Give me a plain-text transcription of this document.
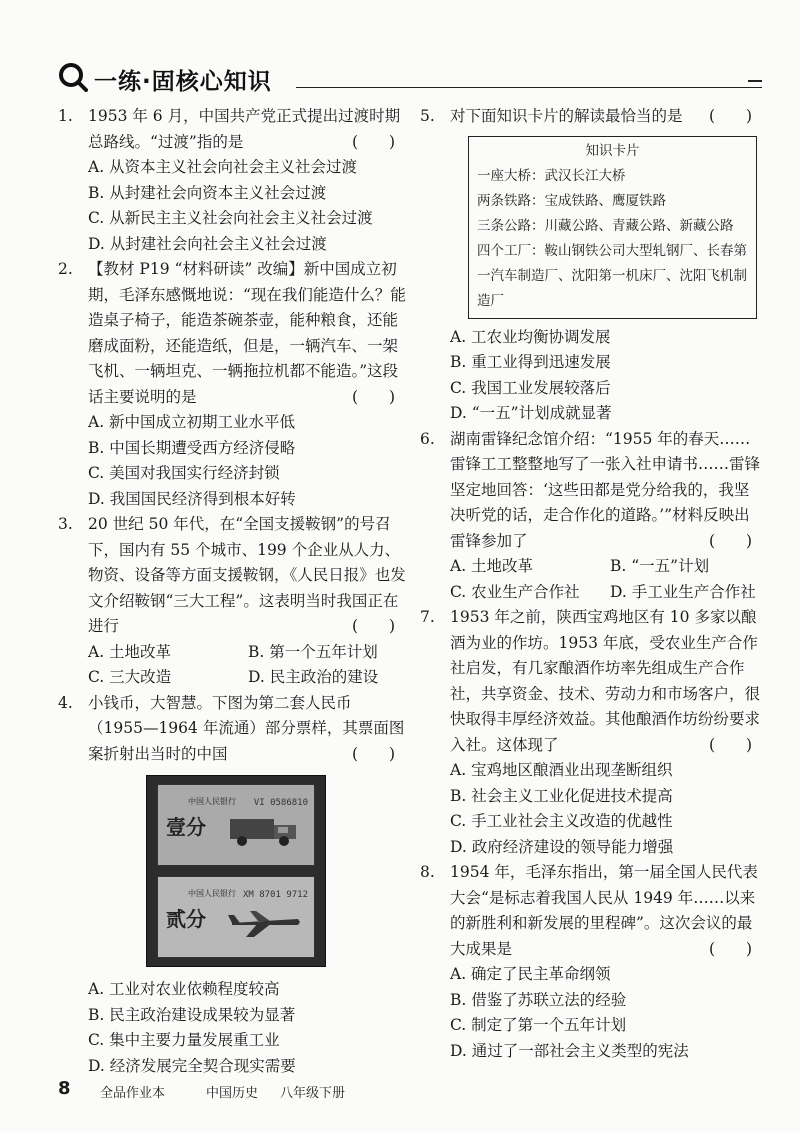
一练·固核心知识
1. 1953 年 6 月，中国共产党正式提出过渡时期总路线。“过渡”指的是	(　　)
A. 从资本主义社会向社会主义社会过渡
B. 从封建社会向资本主义社会过渡
C. 从新民主主义社会向社会主义社会过渡
D. 从封建社会向社会主义社会过渡
2. 【教材 P19 “材料研读” 改编】新中国成立初期，毛泽东感慨地说：“现在我们能造什么？能造桌子椅子，能造茶碗茶壶，能种粮食，还能磨成面粉，还能造纸，但是，一辆汽车、一架飞机、一辆坦克、一辆拖拉机都不能造。”这段话主要说明的是	(　　)
A. 新中国成立初期工业水平低
B. 中国长期遭受西方经济侵略
C. 美国对我国实行经济封锁
D. 我国国民经济得到根本好转
3. 20 世纪 50 年代，在“全国支援鞍钢”的号召下，国内有 55 个城市、199 个企业从人力、物资、设备等方面支援鞍钢，《人民日报》也发文介绍鞍钢“三大工程”。这表明当时我国正在进行	(　　)
A. 土地改革	B. 第一个五年计划
C. 三大改造	D. 民主政治的建设
4. 小钱币，大智慧。下图为第二套人民币（1955—1964 年流通）部分票样，其票面图案折射出当时的中国	(　　)
中国人民银行 VI 0586810
壹分
中国人民银行 XM 8701 9712
贰分
A. 工业对农业依赖程度较高
B. 民主政治建设成果较为显著
C. 集中主要力量发展重工业
D. 经济发展完全契合现实需要
5. 对下面知识卡片的解读最恰当的是 (　　)
知识卡片
一座大桥：武汉长江大桥
两条铁路：宝成铁路、鹰厦铁路
三条公路：川藏公路、青藏公路、新藏公路
四个工厂：鞍山钢铁公司大型轧钢厂、长春第一汽车制造厂、沈阳第一机床厂、沈阳飞机制造厂
A. 工农业均衡协调发展
B. 重工业得到迅速发展
C. 我国工业发展较落后
D. “一五”计划成就显著
6. 湖南雷锋纪念馆介绍：“1955 年的春天……雷锋工工整整地写了一张入社申请书……雷锋坚定地回答：‘这些田都是党分给我的，我坚决听党的话，走合作化的道路。’”材料反映出雷锋参加了	(　　)
A. 土地改革	B. “一五”计划
C. 农业生产合作社	D. 手工业生产合作社
7. 1953 年之前，陕西宝鸡地区有 10 多家以酿酒为业的作坊。1953 年底，受农业生产合作社启发，有几家酿酒作坊率先组成生产合作社，共享资金、技术、劳动力和市场客户，很快取得丰厚经济效益。其他酿酒作坊纷纷要求入社。这体现了	(　　)
A. 宝鸡地区酿酒业出现垄断组织
B. 社会主义工业化促进技术提高
C. 手工业社会主义改造的优越性
D. 政府经济建设的领导能力增强
8. 1954 年，毛泽东指出，第一届全国人民代表大会“是标志着我国人民从 1949 年……以来的新胜利和新发展的里程碑”。这次会议的最大成果是	(　　)
A. 确定了民主革命纲领
B. 借鉴了苏联立法的经验
C. 制定了第一个五年计划
D. 通过了一部社会主义类型的宪法
8 全品作业本	中国历史 八年级下册
